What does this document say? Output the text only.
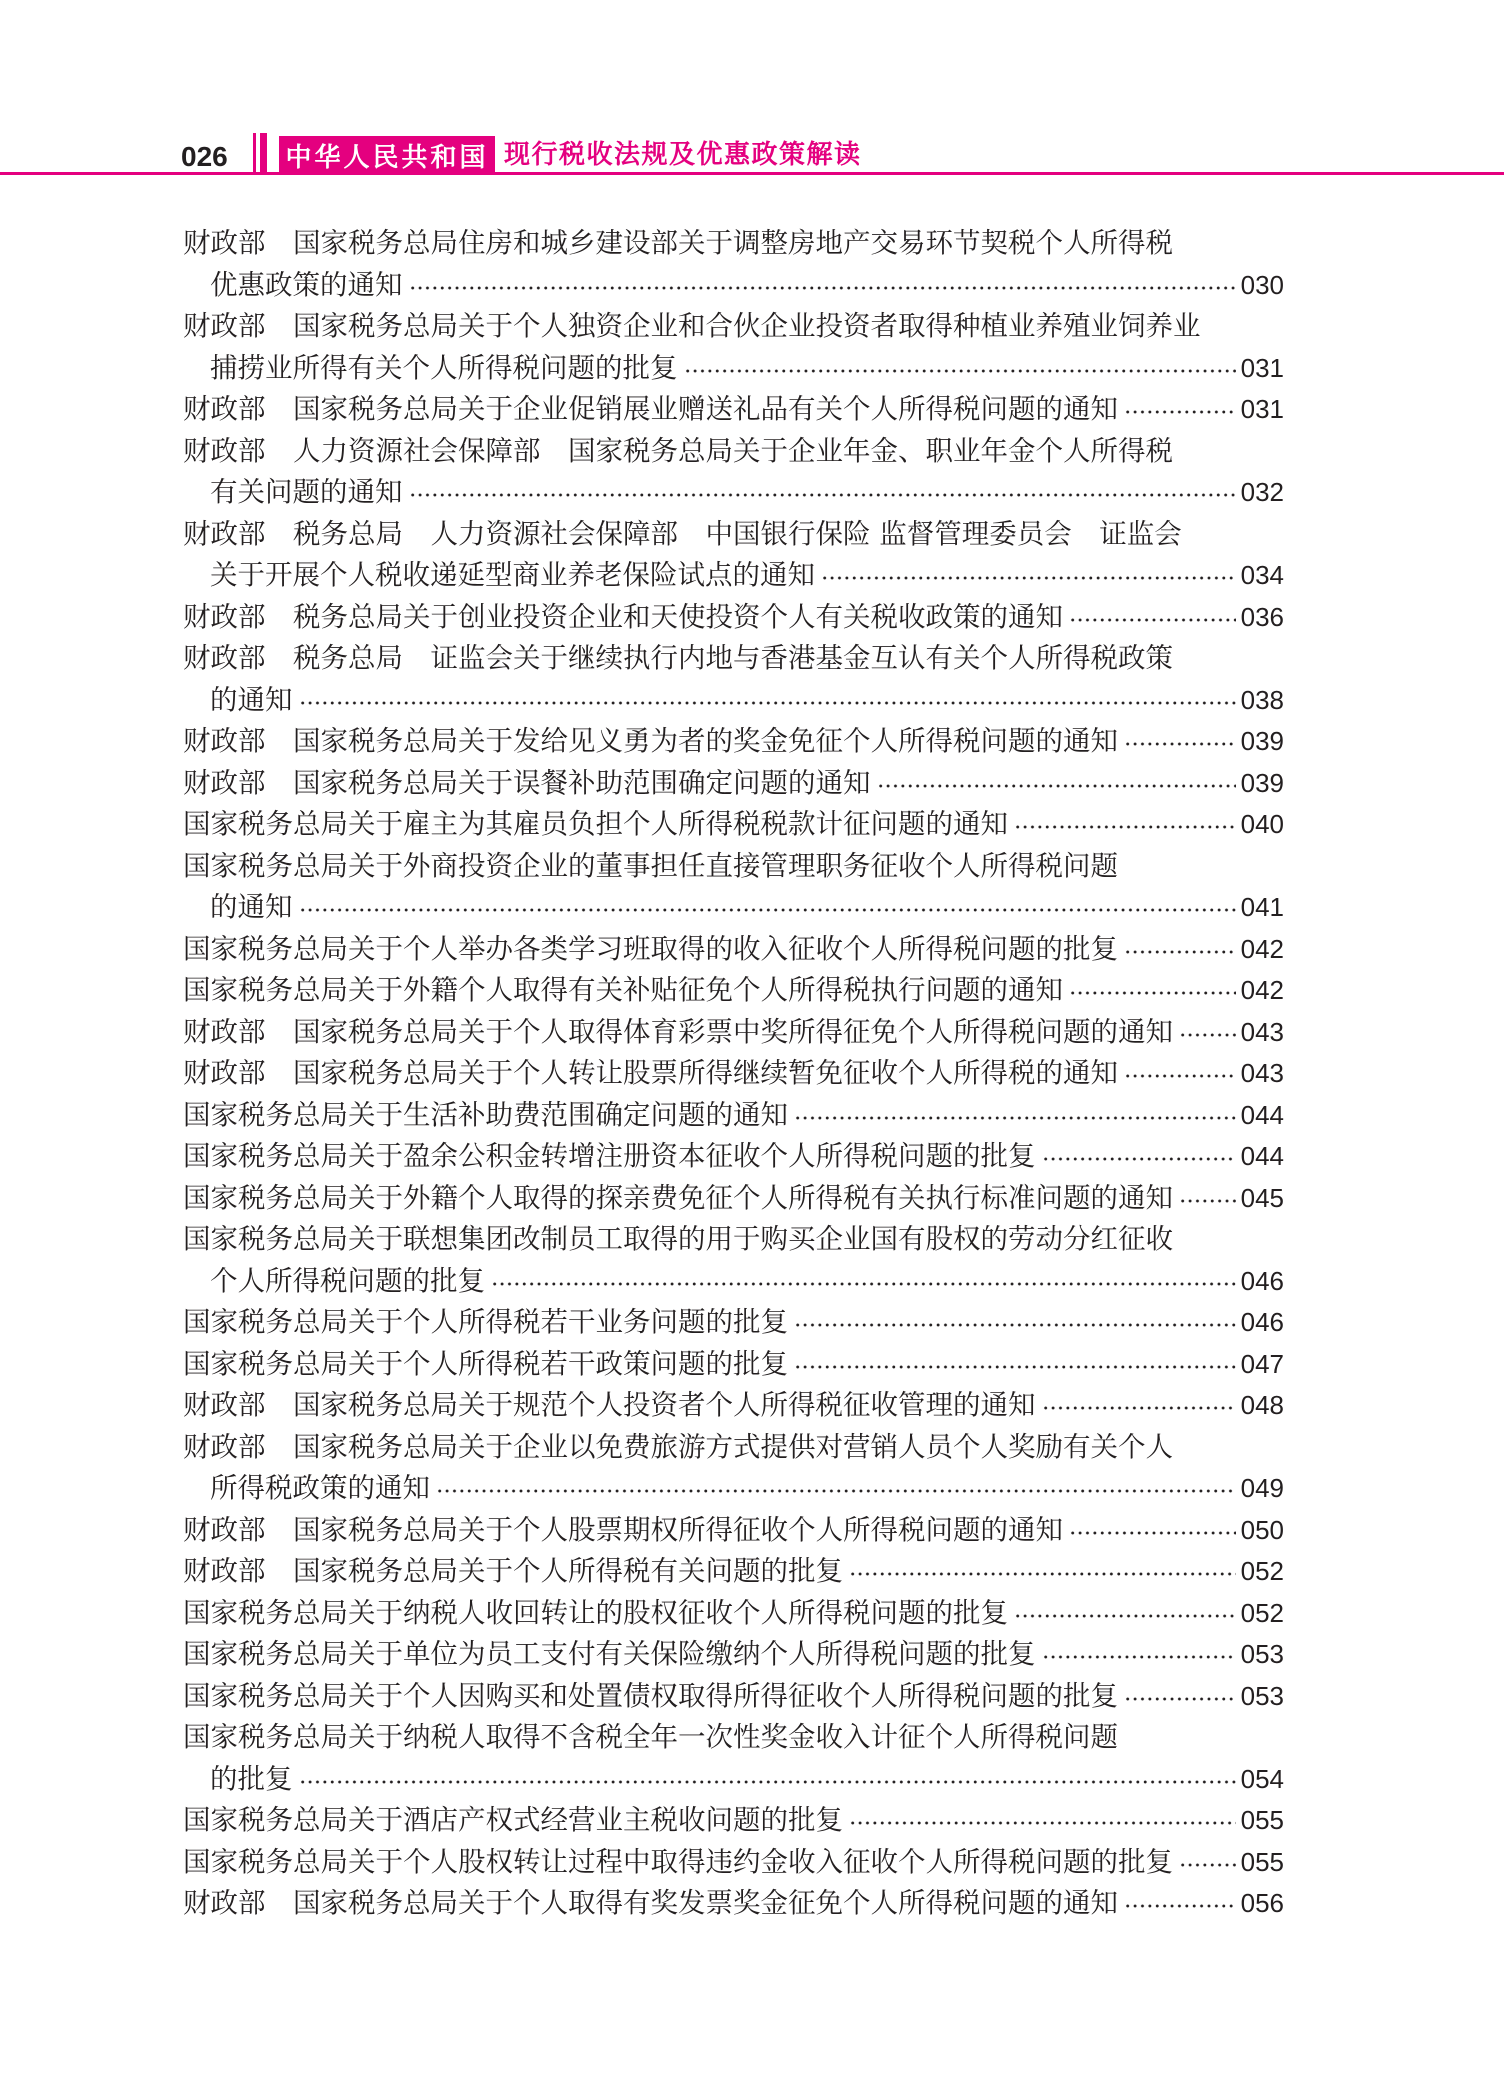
026 中华人民共和国 现行税收法规及优惠政策解读
财政部　国家税务总局住房和城乡建设部关于调整房地产交易环节契税个人所得税
优惠政策的通知	030
财政部　国家税务总局关于个人独资企业和合伙企业投资者取得种植业养殖业饲养业
捕捞业所得有关个人所得税问题的批复	031
财政部　国家税务总局关于企业促销展业赠送礼品有关个人所得税问题的通知	031
财政部　人力资源社会保障部　国家税务总局关于企业年金、职业年金个人所得税
有关问题的通知	032
财政部　税务总局　人力资源社会保障部　中国银行保险 监督管理委员会　证监会
关于开展个人税收递延型商业养老保险试点的通知	034
财政部　税务总局关于创业投资企业和天使投资个人有关税收政策的通知	036
财政部　税务总局　证监会关于继续执行内地与香港基金互认有关个人所得税政策
的通知	038
财政部　国家税务总局关于发给见义勇为者的奖金免征个人所得税问题的通知	039
财政部　国家税务总局关于误餐补助范围确定问题的通知	039
国家税务总局关于雇主为其雇员负担个人所得税税款计征问题的通知	040
国家税务总局关于外商投资企业的董事担任直接管理职务征收个人所得税问题
的通知	041
国家税务总局关于个人举办各类学习班取得的收入征收个人所得税问题的批复	042
国家税务总局关于外籍个人取得有关补贴征免个人所得税执行问题的通知	042
财政部　国家税务总局关于个人取得体育彩票中奖所得征免个人所得税问题的通知	043
财政部　国家税务总局关于个人转让股票所得继续暂免征收个人所得税的通知	043
国家税务总局关于生活补助费范围确定问题的通知	044
国家税务总局关于盈余公积金转增注册资本征收个人所得税问题的批复	044
国家税务总局关于外籍个人取得的探亲费免征个人所得税有关执行标准问题的通知	045
国家税务总局关于联想集团改制员工取得的用于购买企业国有股权的劳动分红征收
个人所得税问题的批复	046
国家税务总局关于个人所得税若干业务问题的批复	046
国家税务总局关于个人所得税若干政策问题的批复	047
财政部　国家税务总局关于规范个人投资者个人所得税征收管理的通知	048
财政部　国家税务总局关于企业以免费旅游方式提供对营销人员个人奖励有关个人
所得税政策的通知	049
财政部　国家税务总局关于个人股票期权所得征收个人所得税问题的通知	050
财政部　国家税务总局关于个人所得税有关问题的批复	052
国家税务总局关于纳税人收回转让的股权征收个人所得税问题的批复	052
国家税务总局关于单位为员工支付有关保险缴纳个人所得税问题的批复	053
国家税务总局关于个人因购买和处置债权取得所得征收个人所得税问题的批复	053
国家税务总局关于纳税人取得不含税全年一次性奖金收入计征个人所得税问题
的批复	054
国家税务总局关于酒店产权式经营业主税收问题的批复	055
国家税务总局关于个人股权转让过程中取得违约金收入征收个人所得税问题的批复	055
财政部　国家税务总局关于个人取得有奖发票奖金征免个人所得税问题的通知	056
